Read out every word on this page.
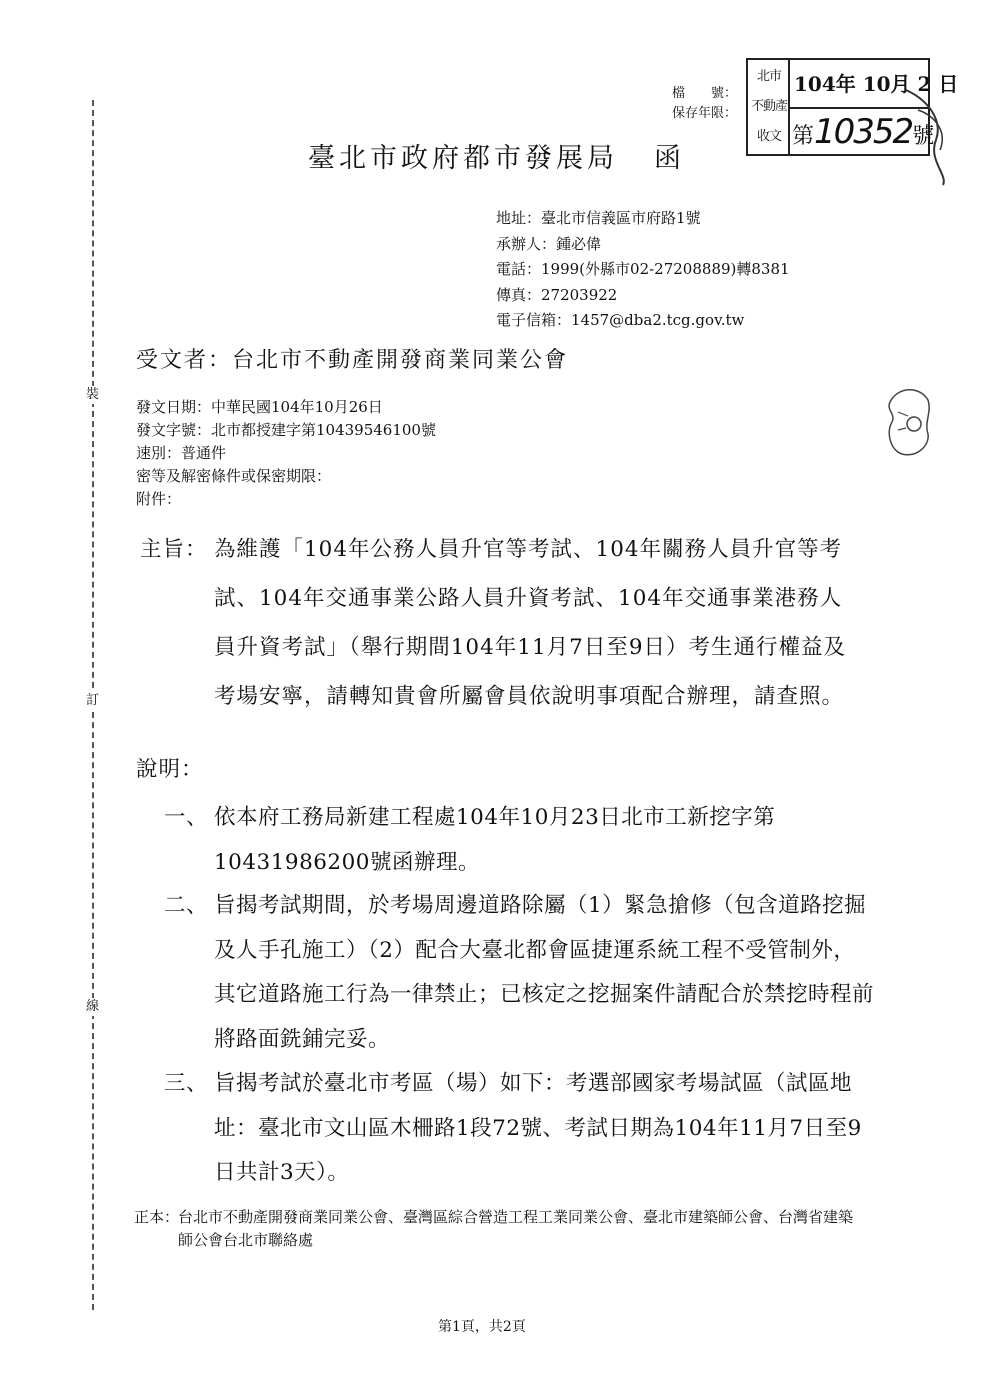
裝
訂
線
檔　　號：
保存年限：
北市
不動產
收文
104年 10月 2 日
第10352號
臺北市政府都市發展局 函
地址：臺北市信義區市府路1號
承辦人：鍾必偉
電話：1999(外縣市02-27208889)轉8381
傳真：27203922
電子信箱：1457@dba2.tcg.gov.tw
受文者：台北市不動產開發商業同業公會
發文日期：中華民國104年10月26日
發文字號：北市都授建字第10439546100號
速別：普通件
密等及解密條件或保密期限：
附件：
主旨： 為維護「104年公務人員升官等考試、104年關務人員升官等考試、104年交通事業公路人員升資考試、104年交通事業港務人員升資考試」（舉行期間104年11月7日至9日）考生通行權益及考場安寧，請轉知貴會所屬會員依說明事項配合辦理，請查照。
說明：
一、 依本府工務局新建工程處104年10月23日北市工新挖字第10431986200號函辦理。
二、 旨揭考試期間，於考場周邊道路除屬（1）緊急搶修（包含道路挖掘及人手孔施工）（2）配合大臺北都會區捷運系統工程不受管制外，其它道路施工行為一律禁止；已核定之挖掘案件請配合於禁挖時程前將路面銑鋪完妥。
三、 旨揭考試於臺北市考區（場）如下：考選部國家考場試區（試區地址：臺北市文山區木柵路1段72號、考試日期為104年11月7日至9日共計3天）。
正本：
台北市不動產開發商業同業公會、臺灣區綜合營造工程工業同業公會、臺北市建築師公會、台灣省建築師公會台北市聯絡處
第1頁，共2頁
